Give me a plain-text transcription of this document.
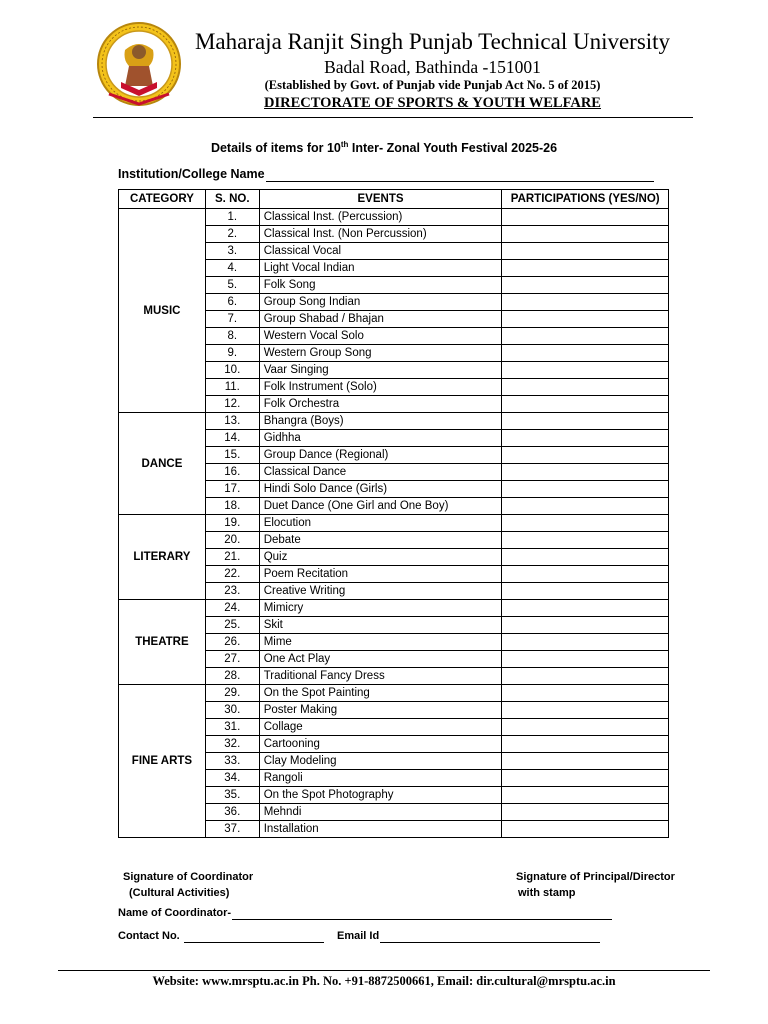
Maharaja Ranjit Singh Punjab Technical University
Badal Road, Bathinda -151001
(Established by Govt. of Punjab vide Punjab Act No. 5 of 2015)
DIRECTORATE OF SPORTS & YOUTH WELFARE
Details of items for 10th Inter- Zonal Youth Festival 2025-26
Institution/College Name
CATEGORY	S. NO.	EVENTS	PARTICIPATIONS (YES/NO)
MUSIC	1.	Classical Inst. (Percussion)	
	2.	Classical Inst. (Non Percussion)	
	3.	Classical Vocal	
	4.	Light Vocal Indian	
	5.	Folk Song	
	6.	Group Song Indian	
	7.	Group Shabad / Bhajan	
	8.	Western Vocal Solo	
	9.	Western Group Song	
	10.	Vaar Singing	
	11.	Folk Instrument (Solo)	
	12.	Folk Orchestra	
DANCE	13.	Bhangra (Boys)	
	14.	Gidhha	
	15.	Group Dance (Regional)	
	16.	Classical Dance	
	17.	Hindi Solo Dance (Girls)	
	18.	Duet Dance (One Girl and One Boy)	
LITERARY	19.	Elocution	
	20.	Debate	
	21.	Quiz	
	22.	Poem Recitation	
	23.	Creative Writing	
THEATRE	24.	Mimicry	
	25.	Skit	
	26.	Mime	
	27.	One Act Play	
	28.	Traditional Fancy Dress	
FINE ARTS	29.	On the Spot Painting	
	30.	Poster Making	
	31.	Collage	
	32.	Cartooning	
	33.	Clay Modeling	
	34.	Rangoli	
	35.	On the Spot Photography	
	36.	Mehndi	
	37.	Installation	
Signature of Coordinator
(Cultural Activities)
Signature of Principal/Director
with stamp
Name of Coordinator-
Contact No.	Email Id
Website: www.mrsptu.ac.in Ph. No. +91-8872500661, Email: dir.cultural@mrsptu.ac.in
